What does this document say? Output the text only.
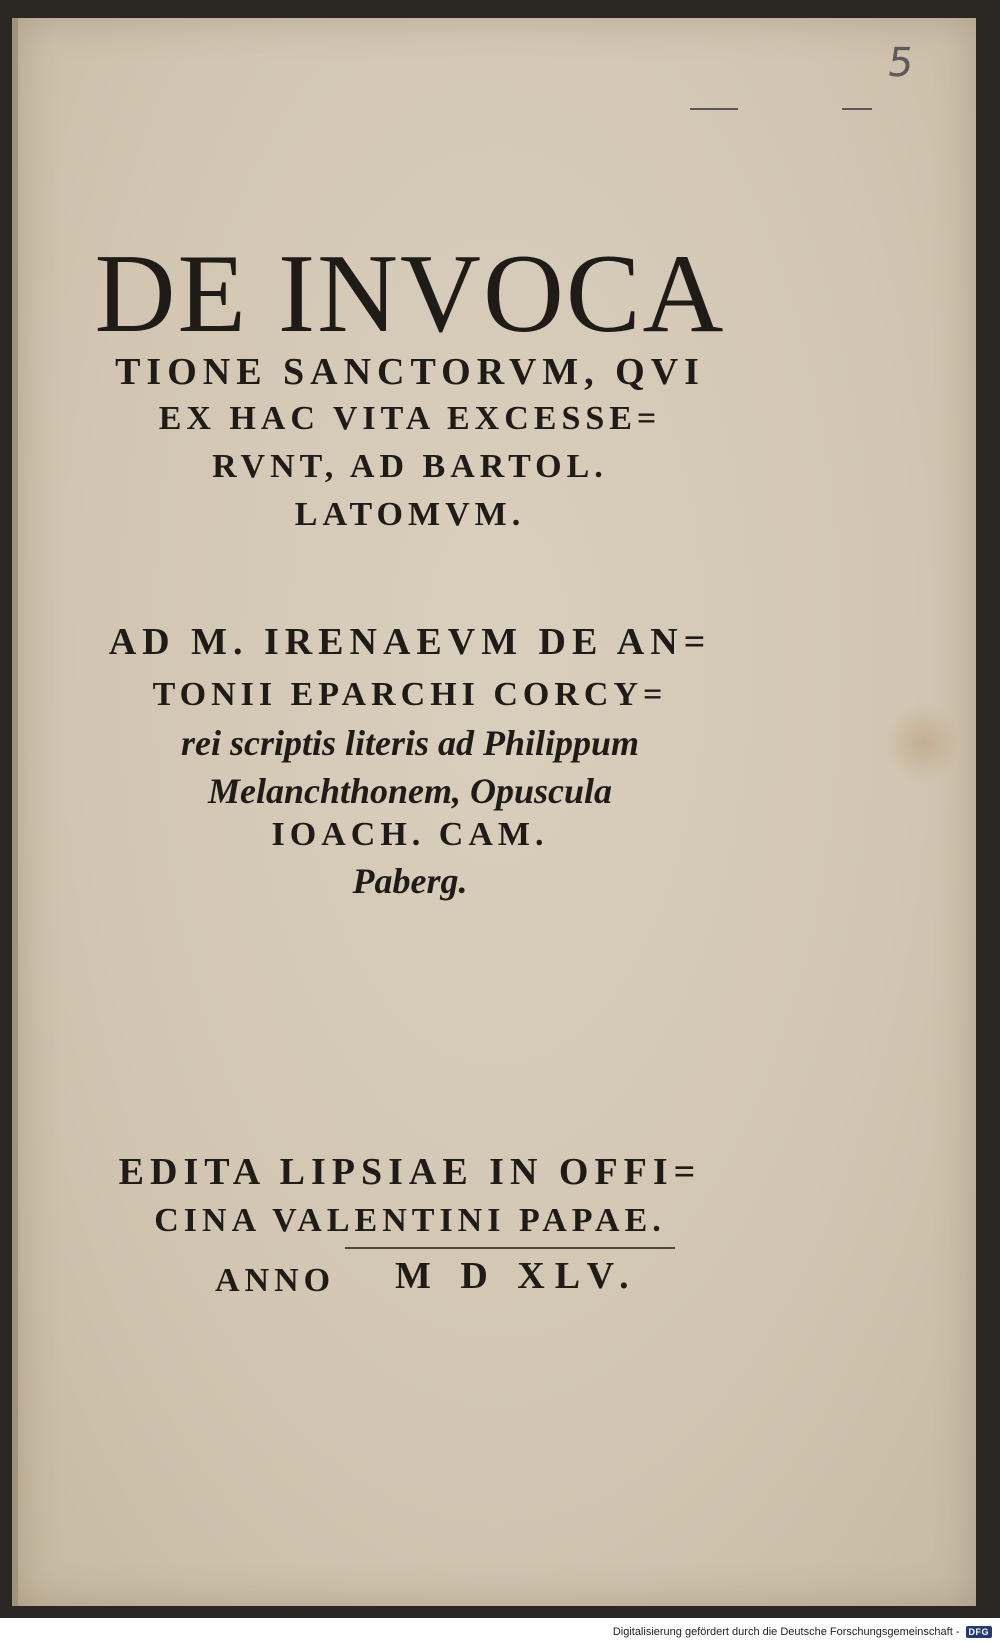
5
DE INVOCA
TIONE SANCTORVM, QVI
EX HAC VITA EXCESSE=
RVNT, AD BARTOL.
LATOMVM.
AD M. IRENAEVM DE AN=
TONII EPARCHI CORCY=
rei scriptis literis ad Philippum
Melanchthonem, Opuscula
IOACH. CAM.
Paberg.
EDITA LIPSIAE IN OFFI=
CINA VALENTINI PAPAE.
ANNO M D XLV.
Digitalisierung gefördert durch die Deutsche Forschungsgemeinschaft -	DFG
